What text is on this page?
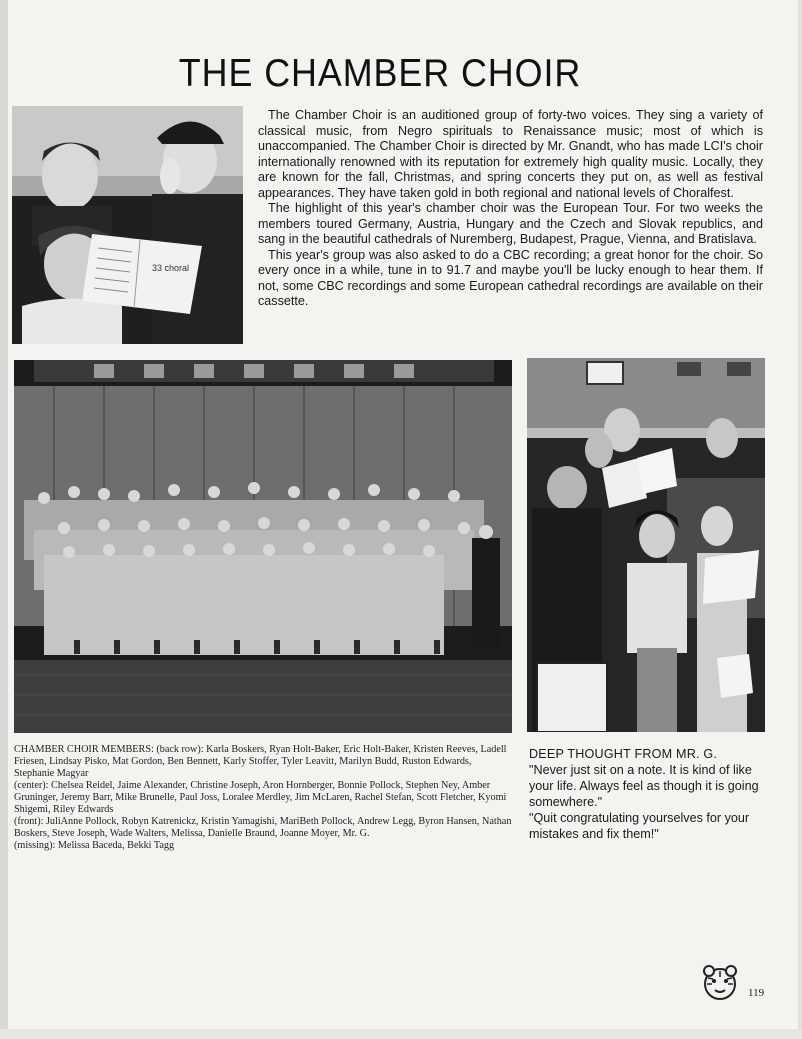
THE CHAMBER CHOIR
33 choral

The Chamber Choir is an auditioned group of forty-two voices. They sing a variety of classical music, from Negro spirituals to Renaissance music; most of which is unaccompanied. The Chamber Choir is directed by Mr. Gnandt, who has made LCI's choir internationally renowned with its reputation for extremely high quality music. Locally, they are known for the fall, Christmas, and spring concerts they put on, as well as festival appearances. They have taken gold in both regional and national levels of Choralfest.

The highlight of this year's chamber choir was the European Tour. For two weeks the members toured Germany, Austria, Hungary and the Czech and Slovak republics, and sang in the beautiful cathedrals of Nuremberg, Budapest, Prague, Vienna, and Bratislava.

This year's group was also asked to do a CBC recording; a great honor for the choir. So every once in a while, tune in to 91.7 and maybe you'll be lucky enough to hear them. If not, some CBC recordings and some European cathedral recordings are available on their cassette.

CHAMBER CHOIR MEMBERS: (back row): Karla Boskers, Ryan Holt-Baker, Eric Holt-Baker, Kristen Reeves, Ladell Friesen, Lindsay Pisko, Mat Gordon, Ben Bennett, Karly Stoffer, Tyler Leavitt, Marilyn Budd, Ruston Edwards, Stephanie Magyar
(center): Chelsea Reidel, Jaime Alexander, Christine Joseph, Aron Hornberger, Bonnie Pollock, Stephen Ney, Amber Gruninger, Jeremy Barr, Mike Brunelle, Paul Joss, Loralee Merdley, Jim McLaren, Rachel Stefan, Scott Fletcher, Kyomi Shigemi, Riley Edwards
(front): JuliAnne Pollock, Robyn Katrenickz, Kristin Yamagishi, MariBeth Pollock, Andrew Legg, Byron Hansen, Nathan Boskers, Steve Joseph, Wade Walters, Melissa, Danielle Braund, Joanne Moyer, Mr. G.
(missing): Melissa Baceda, Bekki Tagg
DEEP THOUGHT FROM MR. G.
"Never just sit on a note. It is kind of like your life. Always feel as though it is going somewhere."
"Quit congratulating yourselves for your mistakes and fix them!"
119
